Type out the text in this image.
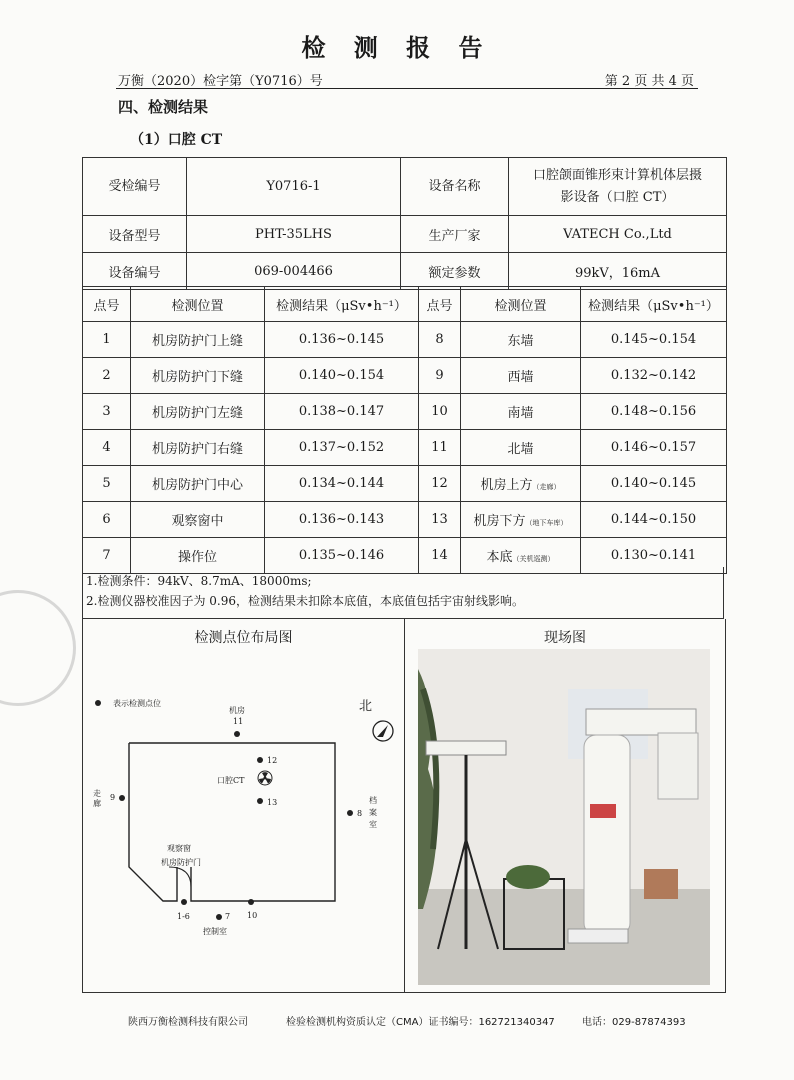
检 测 报 告
万衡（2020）检字第（Y0716）号	第 2 页 共 4 页
四、检测结果
（1）口腔 CT
受检编号	Y0716-1	设备名称	口腔颌面锥形束计算机体层摄影设备（口腔 CT）
设备型号	PHT-35LHS	生产厂家	VATECH Co.,Ltd
设备编号	069-004466	额定参数	99kV，16mA
点号	检测位置	检测结果（μSv•h⁻¹）	点号	检测位置	检测结果（μSv•h⁻¹）
1	机房防护门上缝	0.136~0.145	8	东墙	0.145~0.154
2	机房防护门下缝	0.140~0.154	9	西墙	0.132~0.142
3	机房防护门左缝	0.138~0.147	10	南墙	0.148~0.156
4	机房防护门右缝	0.137~0.152	11	北墙	0.146~0.157
5	机房防护门中心	0.134~0.144	12	机房上方（走廊）	0.140~0.145
6	观察窗中	0.136~0.143	13	机房下方（地下车库）	0.144~0.150
7	操作位	0.135~0.146	14	本底（关机巡测）	0.130~0.141
1.检测条件：94kV、8.7mA、18000ms;
2.检测仪器校准因子为 0.96，检测结果未扣除本底值，本底值包括宇宙射线影响。
检测点位布局图
表示检测点位	北
机房
11
12
口腔CT
13
走廊
9
8
档案室
观察窗
机房防护门
1-6	7 10
控制室
现场图
陕西万衡检测科技有限公司	检验检测机构资质认定（CMA）证书编号：162721340347	电话：029-87874393
